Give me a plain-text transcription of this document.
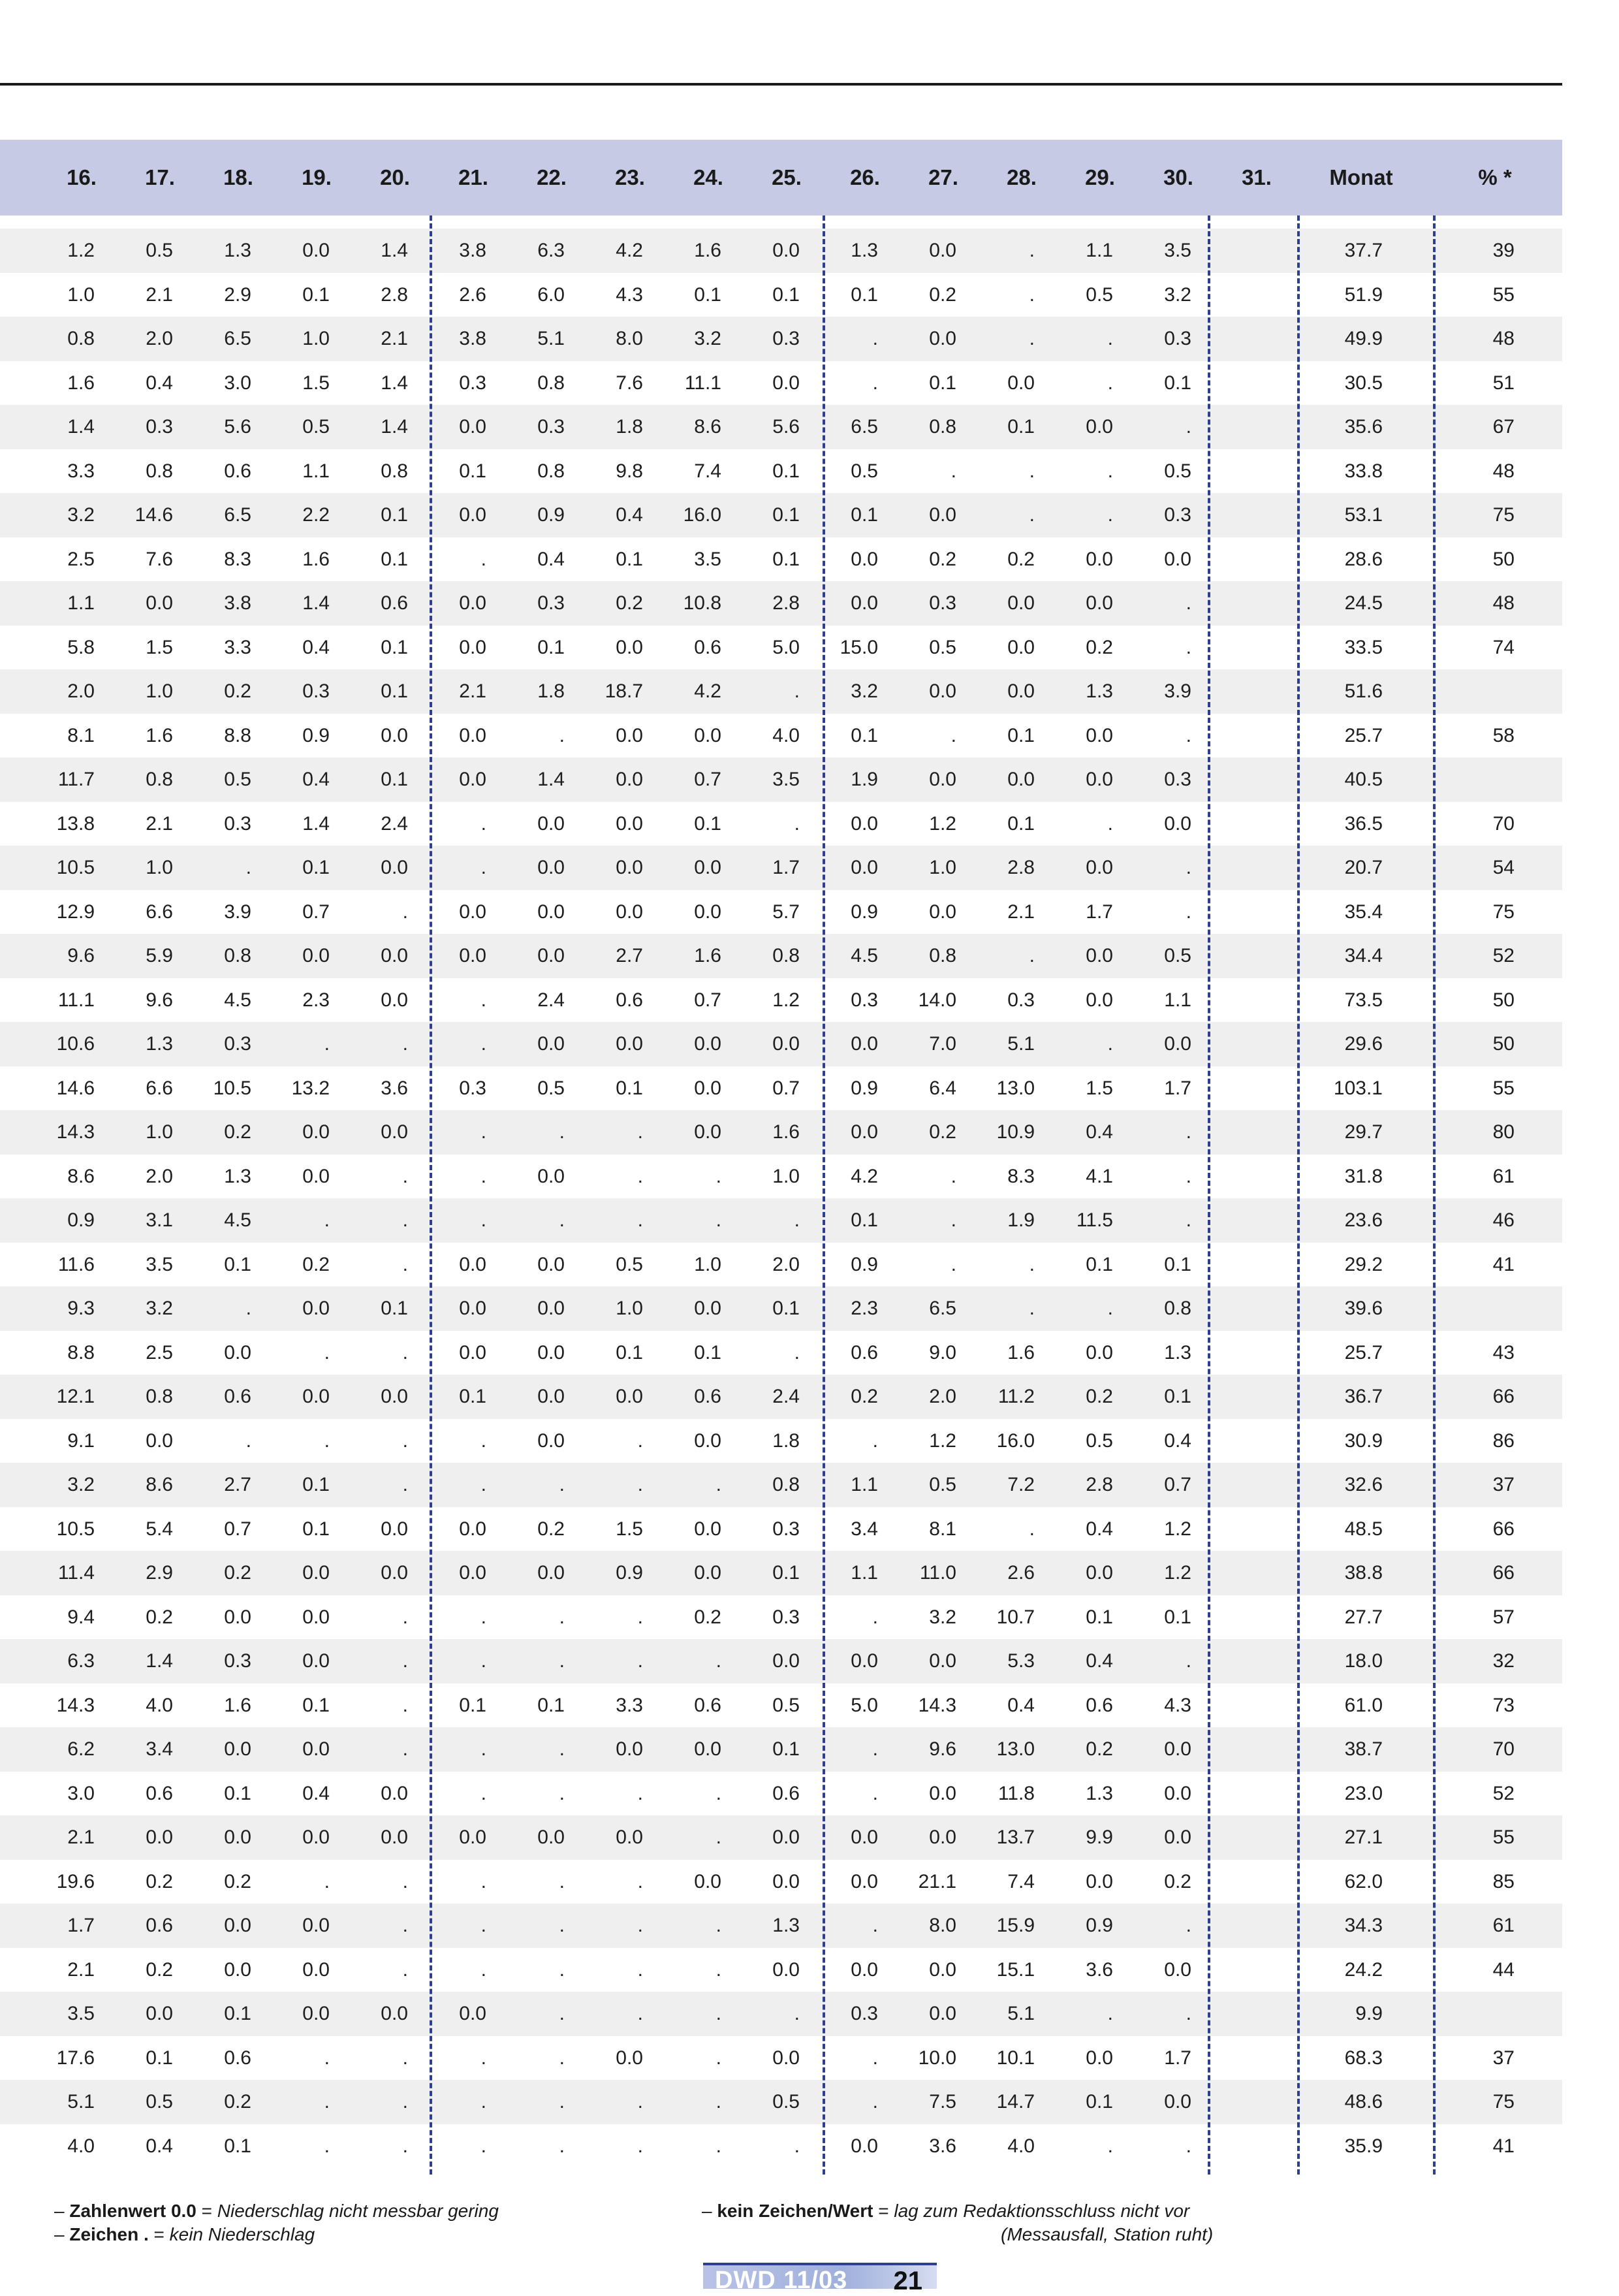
16.	17.	18.	19.	20.	21.	22.	23.	24.	25.	26.	27.	28.	29.	30.	31.	Monat	% *
1.2	0.5	1.3	0.0	1.4	3.8	6.3	4.2	1.6	0.0	1.3	0.0	.	1.1	3.5	37.7	39
1.0	2.1	2.9	0.1	2.8	2.6	6.0	4.3	0.1	0.1	0.1	0.2	.	0.5	3.2	51.9	55
0.8	2.0	6.5	1.0	2.1	3.8	5.1	8.0	3.2	0.3	.	0.0	.	.	0.3	49.9	48
1.6	0.4	3.0	1.5	1.4	0.3	0.8	7.6	11.1	0.0	.	0.1	0.0	.	0.1	30.5	51
1.4	0.3	5.6	0.5	1.4	0.0	0.3	1.8	8.6	5.6	6.5	0.8	0.1	0.0	.	35.6	67
3.3	0.8	0.6	1.1	0.8	0.1	0.8	9.8	7.4	0.1	0.5	.	.	.	0.5	33.8	48
3.2	14.6	6.5	2.2	0.1	0.0	0.9	0.4	16.0	0.1	0.1	0.0	.	.	0.3	53.1	75
2.5	7.6	8.3	1.6	0.1	.	0.4	0.1	3.5	0.1	0.0	0.2	0.2	0.0	0.0	28.6	50
1.1	0.0	3.8	1.4	0.6	0.0	0.3	0.2	10.8	2.8	0.0	0.3	0.0	0.0	.	24.5	48
5.8	1.5	3.3	0.4	0.1	0.0	0.1	0.0	0.6	5.0	15.0	0.5	0.0	0.2	.	33.5	74
2.0	1.0	0.2	0.3	0.1	2.1	1.8	18.7	4.2	.	3.2	0.0	0.0	1.3	3.9	51.6
8.1	1.6	8.8	0.9	0.0	0.0	.	0.0	0.0	4.0	0.1	.	0.1	0.0	.	25.7	58
11.7	0.8	0.5	0.4	0.1	0.0	1.4	0.0	0.7	3.5	1.9	0.0	0.0	0.0	0.3	40.5
13.8	2.1	0.3	1.4	2.4	.	0.0	0.0	0.1	.	0.0	1.2	0.1	.	0.0	36.5	70
10.5	1.0	.	0.1	0.0	.	0.0	0.0	0.0	1.7	0.0	1.0	2.8	0.0	.	20.7	54
12.9	6.6	3.9	0.7	.	0.0	0.0	0.0	0.0	5.7	0.9	0.0	2.1	1.7	.	35.4	75
9.6	5.9	0.8	0.0	0.0	0.0	0.0	2.7	1.6	0.8	4.5	0.8	.	0.0	0.5	34.4	52
11.1	9.6	4.5	2.3	0.0	.	2.4	0.6	0.7	1.2	0.3	14.0	0.3	0.0	1.1	73.5	50
10.6	1.3	0.3	.	.	.	0.0	0.0	0.0	0.0	0.0	7.0	5.1	.	0.0	29.6	50
14.6	6.6	10.5	13.2	3.6	0.3	0.5	0.1	0.0	0.7	0.9	6.4	13.0	1.5	1.7	103.1	55
14.3	1.0	0.2	0.0	0.0	.	.	.	0.0	1.6	0.0	0.2	10.9	0.4	.	29.7	80
8.6	2.0	1.3	0.0	.	.	0.0	.	.	1.0	4.2	.	8.3	4.1	.	31.8	61
0.9	3.1	4.5	.	.	.	.	.	.	.	0.1	.	1.9	11.5	.	23.6	46
11.6	3.5	0.1	0.2	.	0.0	0.0	0.5	1.0	2.0	0.9	.	.	0.1	0.1	29.2	41
9.3	3.2	.	0.0	0.1	0.0	0.0	1.0	0.0	0.1	2.3	6.5	.	.	0.8	39.6
8.8	2.5	0.0	.	.	0.0	0.0	0.1	0.1	.	0.6	9.0	1.6	0.0	1.3	25.7	43
12.1	0.8	0.6	0.0	0.0	0.1	0.0	0.0	0.6	2.4	0.2	2.0	11.2	0.2	0.1	36.7	66
9.1	0.0	.	.	.	.	0.0	.	0.0	1.8	.	1.2	16.0	0.5	0.4	30.9	86
3.2	8.6	2.7	0.1	.	.	.	.	.	0.8	1.1	0.5	7.2	2.8	0.7	32.6	37
10.5	5.4	0.7	0.1	0.0	0.0	0.2	1.5	0.0	0.3	3.4	8.1	.	0.4	1.2	48.5	66
11.4	2.9	0.2	0.0	0.0	0.0	0.0	0.9	0.0	0.1	1.1	11.0	2.6	0.0	1.2	38.8	66
9.4	0.2	0.0	0.0	.	.	.	.	0.2	0.3	.	3.2	10.7	0.1	0.1	27.7	57
6.3	1.4	0.3	0.0	.	.	.	.	.	0.0	0.0	0.0	5.3	0.4	.	18.0	32
14.3	4.0	1.6	0.1	.	0.1	0.1	3.3	0.6	0.5	5.0	14.3	0.4	0.6	4.3	61.0	73
6.2	3.4	0.0	0.0	.	.	.	0.0	0.0	0.1	.	9.6	13.0	0.2	0.0	38.7	70
3.0	0.6	0.1	0.4	0.0	.	.	.	.	0.6	.	0.0	11.8	1.3	0.0	23.0	52
2.1	0.0	0.0	0.0	0.0	0.0	0.0	0.0	.	0.0	0.0	0.0	13.7	9.9	0.0	27.1	55
19.6	0.2	0.2	.	.	.	.	.	0.0	0.0	0.0	21.1	7.4	0.0	0.2	62.0	85
1.7	0.6	0.0	0.0	.	.	.	.	.	1.3	.	8.0	15.9	0.9	.	34.3	61
2.1	0.2	0.0	0.0	.	.	.	.	.	0.0	0.0	0.0	15.1	3.6	0.0	24.2	44
3.5	0.0	0.1	0.0	0.0	0.0	.	.	.	.	0.3	0.0	5.1	.	.	9.9
17.6	0.1	0.6	.	.	.	.	0.0	.	0.0	.	10.0	10.1	0.0	1.7	68.3	37
5.1	0.5	0.2	.	.	.	.	.	.	0.5	.	7.5	14.7	0.1	0.0	48.6	75
4.0	0.4	0.1	.	.	.	.	.	.	.	0.0	3.6	4.0	.	.	35.9	41
– Zahlenwert 0.0 = Niederschlag nicht messbar gering
– Zeichen . = kein Niederschlag
– kein Zeichen/Wert = lag zum Redaktionsschluss nicht vor
(Messausfall, Station ruht)
DWD 11/03 21
